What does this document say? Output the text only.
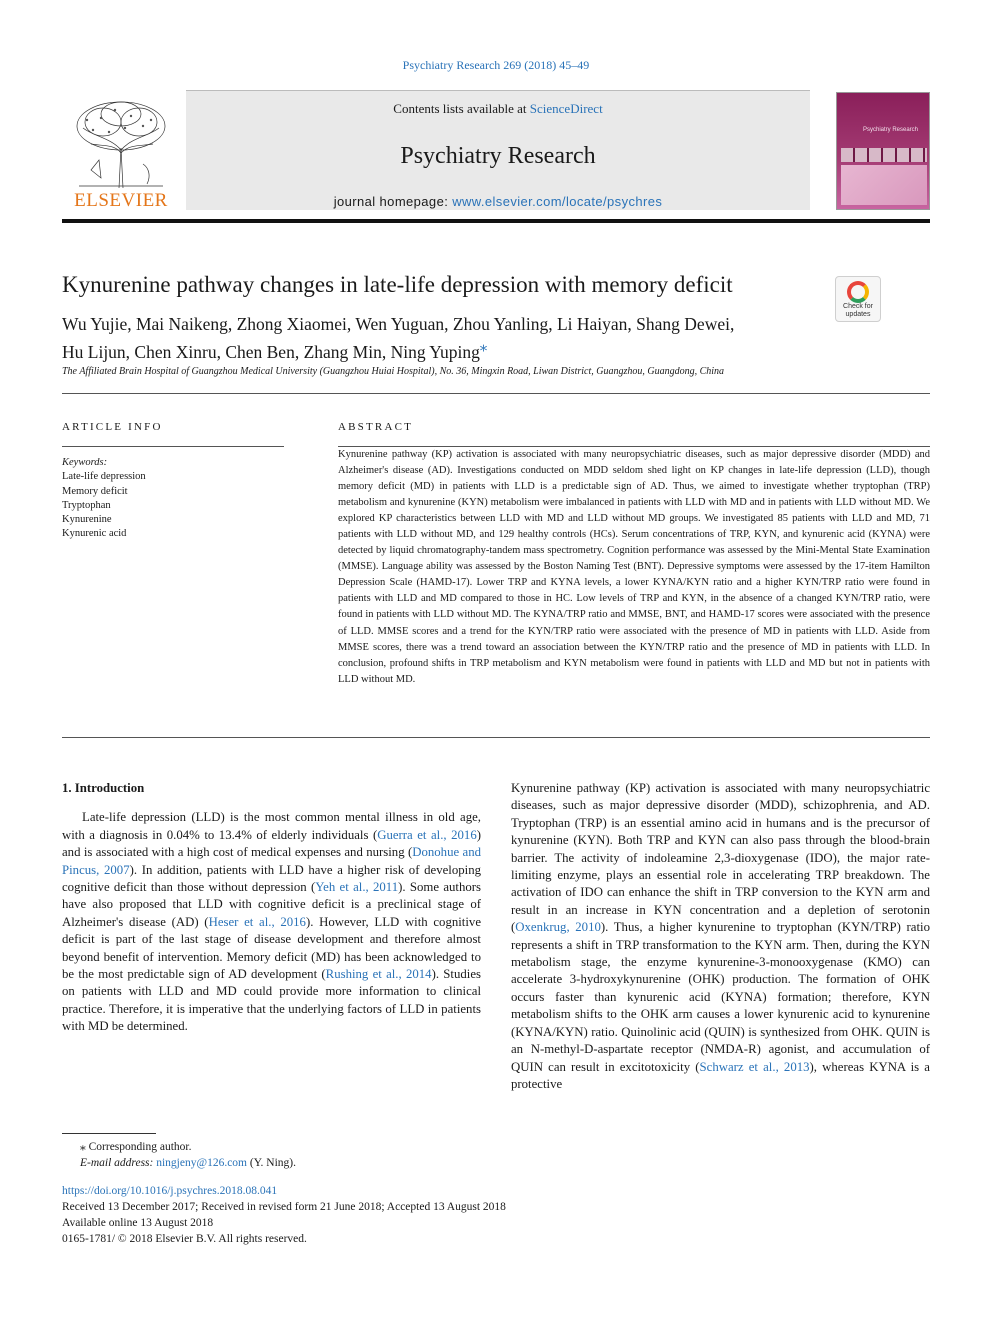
Psychiatry Research 269 (2018) 45–49
ELSEVIER
Contents lists available at ScienceDirect
Psychiatry Research
journal homepage: www.elsevier.com/locate/psychres
Psychiatry Research
Kynurenine pathway changes in late-life depression with memory deficit
Check for
updates
Wu Yujie, Mai Naikeng, Zhong Xiaomei, Wen Yuguan, Zhou Yanling, Li Haiyan, Shang Dewei,
Hu Lijun, Chen Xinru, Chen Ben, Zhang Min, Ning Yuping⁎
The Affiliated Brain Hospital of Guangzhou Medical University (Guangzhou Huiai Hospital), No. 36, Mingxin Road, Liwan District, Guangzhou, Guangdong, China
ARTICLE INFO
Keywords:
Late-life depression
Memory deficit
Tryptophan
Kynurenine
Kynurenic acid
ABSTRACT
Kynurenine pathway (KP) activation is associated with many neuropsychiatric diseases, such as major depressive disorder (MDD) and Alzheimer's disease (AD). Investigations conducted on MDD seldom shed light on KP changes in late-life depression (LLD), though memory deficit (MD) in patients with LLD is a predictable sign of AD. Thus, we aimed to investigate whether tryptophan (TRP) metabolism and kynurenine (KYN) metabolism were imbalanced in patients with LLD with MD and in patients with LLD without MD. We explored KP characteristics between LLD with MD and LLD without MD groups. We investigated 85 patients with LLD and MD, 71 patients with LLD without MD, and 129 healthy controls (HCs). Serum concentrations of TRP, KYN, and kynurenic acid (KYNA) were detected by liquid chromatography-tandem mass spectrometry. Cognition performance was assessed by the Mini-Mental State Examination (MMSE). Language ability was assessed by the Boston Naming Test (BNT). Depressive symptoms were assessed by the 17-item Hamilton Depression Scale (HAMD-17). Lower TRP and KYNA levels, a lower KYNA/KYN ratio and a higher KYN/TRP ratio were found in patients with LLD and MD compared to those in HC. Low levels of TRP and KYN, in the absence of a changed KYN/TRP ratio, were found in patients with LLD without MD. The KYNA/TRP ratio and MMSE, BNT, and HAMD-17 scores were associated with the presence of LLD. MMSE scores and a trend for the KYN/TRP ratio were associated with the presence of MD in patients with LLD. Aside from MMSE scores, there was a trend toward an association between the KYN/TRP ratio and the presence of MD in patients with LLD. In conclusion, profound shifts in TRP metabolism and KYN metabolism were found in patients with LLD and MD but not in patients with LLD without MD.
1. Introduction

Late-life depression (LLD) is the most common mental illness in old age, with a diagnosis in 0.04% to 13.4% of elderly individuals (Guerra et al., 2016) and is associated with a high cost of medical expenses and nursing (Donohue and Pincus, 2007). In addition, patients with LLD have a higher risk of developing cognitive deficit than those without depression (Yeh et al., 2011). Some authors have also proposed that LLD with cognitive deficit is a preclinical stage of Alzheimer's disease (AD) (Heser et al., 2016). However, LLD with cognitive deficit is part of the last stage of disease development and therefore almost beyond benefit of intervention. Memory deficit (MD) has been acknowledged to be the most predictable sign of AD development (Rushing et al., 2014). Studies on patients with LLD and MD could provide more information to clinical practice. Therefore, it is imperative that the underlying factors of LLD in patients with MD be determined.

Kynurenine pathway (KP) activation is associated with many neuropsychiatric diseases, such as major depressive disorder (MDD), schizophrenia, and AD. Tryptophan (TRP) is an essential amino acid in humans and is the precursor of kynurenine (KYN). Both TRP and KYN can also pass through the blood-brain barrier. The activity of indoleamine 2,3-dioxygenase (IDO), the major rate-limiting enzyme, plays an essential role in accelerating TRP breakdown. The activation of IDO can enhance the shift in TRP conversion to the KYN arm and result in an increase in KYN concentration and a depletion of serotonin (Oxenkrug, 2010). Thus, a higher kynurenine to tryptophan (KYN/TRP) ratio represents a shift in TRP transformation to the KYN arm. Then, during the KYN metabolism stage, the enzyme kynurenine-3-monooxygenase (KMO) can accelerate 3-hydroxykynurenine (OHK) production. The formation of OHK occurs faster than kynurenic acid (KYNA) formation; therefore, KYN metabolism shifts to the OHK arm causes a lower kynurenic acid to kynurenine (KYNA/KYN) ratio. Quinolinic acid (QUIN) is synthesized from OHK. QUIN is an N-methyl-D-aspartate receptor (NMDA-R) agonist, and accumulation of QUIN can result in excitotoxicity (Schwarz et al., 2013), whereas KYNA is a protective

⁎ Corresponding author.
E-mail address: ningjeny@126.com (Y. Ning).
https://doi.org/10.1016/j.psychres.2018.08.041
Received 13 December 2017; Received in revised form 21 June 2018; Accepted 13 August 2018
Available online 13 August 2018
0165-1781/ © 2018 Elsevier B.V. All rights reserved.
